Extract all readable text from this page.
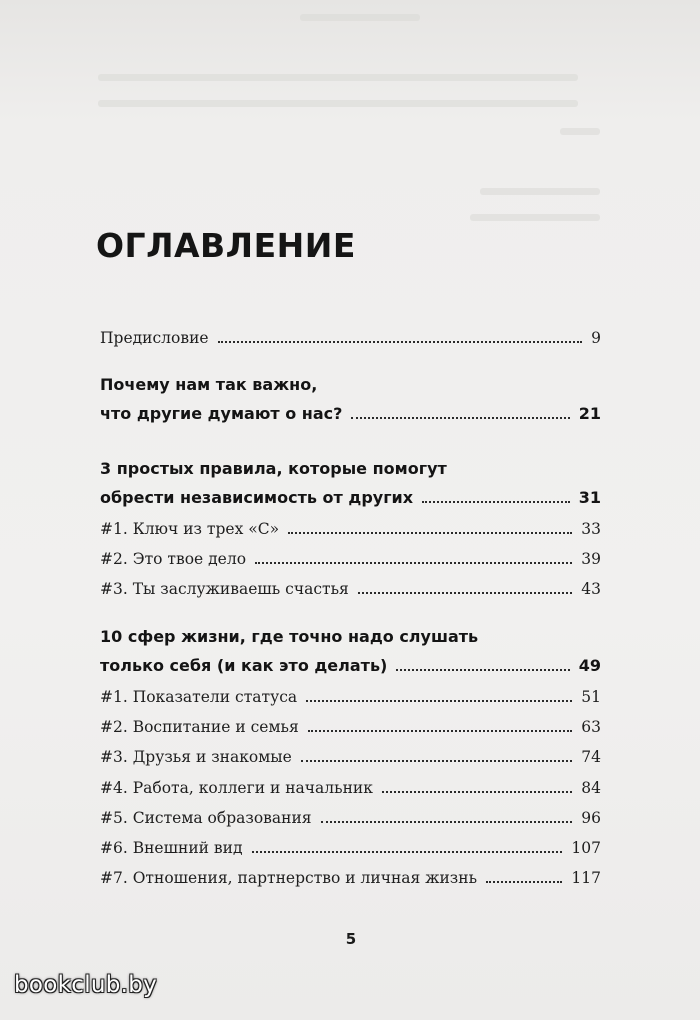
ОГЛАВЛЕНИЕ
Предисловие	9
Почему нам так важно,
что другие думают о нас?	21
3 простых правила, которые помогут
обрести независимость от других	31
#1. Ключ из трех «С»	33
#2. Это твое дело	39
#3. Ты заслуживаешь счастья	43
10 сфер жизни, где точно надо слушать
только себя (и как это делать)	49
#1. Показатели статуса	51
#2. Воспитание и семья	63
#3. Друзья и знакомые	74
#4. Работа, коллеги и начальник	84
#5. Система образования	96
#6. Внешний вид	107
#7. Отношения, партнерство и личная жизнь	117
5
bookclub.by
